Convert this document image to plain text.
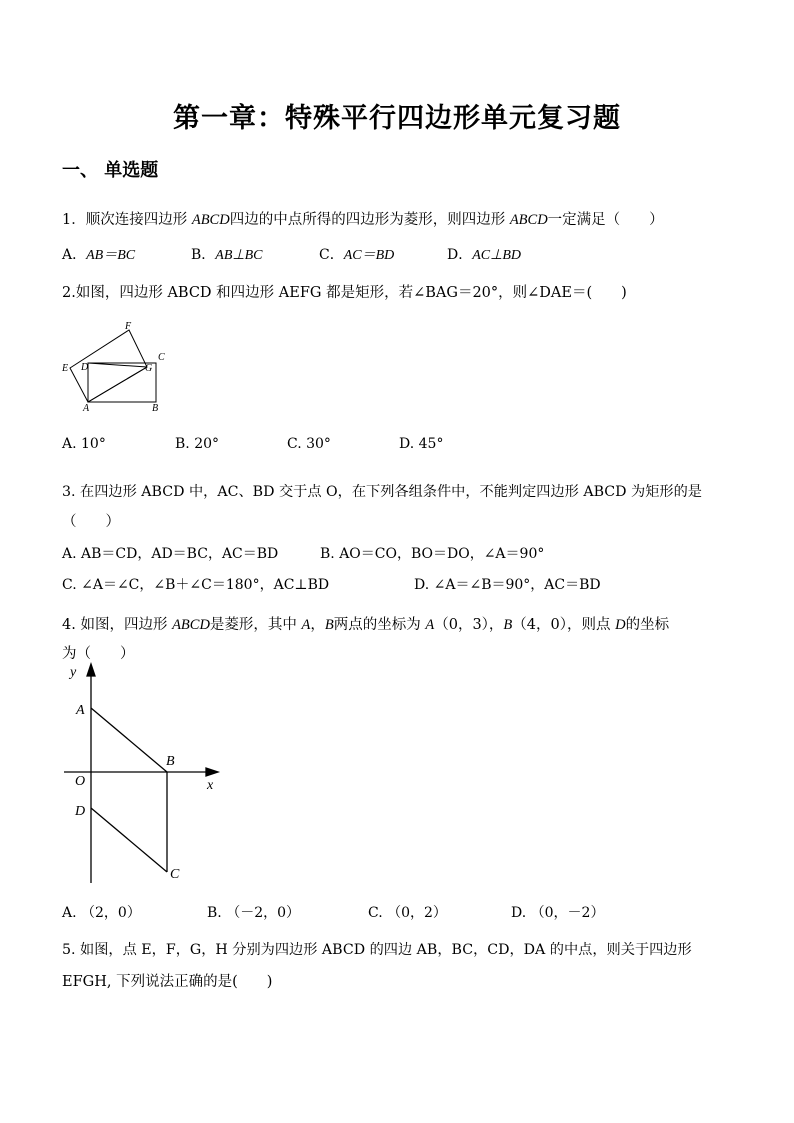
第一章：特殊平行四边形单元复习题
一、 单选题
1．顺次连接四边形 ABCD四边的中点所得的四边形为菱形，则四边形 ABCD一定满足（　　）
A．AB＝BC	B．AB⊥BC	C．AC＝BD	D．AC⊥BD
2.如图，四边形 ABCD 和四边形 AEFG 都是矩形，若∠BAG＝20°，则∠DAE＝(　　)
F
C
E D	G
A	B
A. 10°	B. 20°	C. 30°	D. 45°
3. 在四边形 ABCD 中，AC、BD 交于点 O，在下列各组条件中，不能判定四边形 ABCD 为矩形的是
（　　）
A. AB＝CD，AD＝BC，AC＝BD	B. AO＝CO，BO＝DO，∠A＝90°
C. ∠A＝∠C，∠B＋∠C＝180°，AC⊥BD	D. ∠A＝∠B＝90°，AC＝BD
4. 如图，四边形 ABCD是菱形，其中 A，B两点的坐标为 A（0，3），B（4，0），则点 D的坐标
为（　　）
y
A
B
O	x
D
C
A. （2，0）	B. （－2，0）	C. （0，2）	D. （0，－2）
5. 如图，点 E，F，G，H 分别为四边形 ABCD 的四边 AB，BC，CD，DA 的中点，则关于四边形
EFGH, 下列说法正确的是(　　)
